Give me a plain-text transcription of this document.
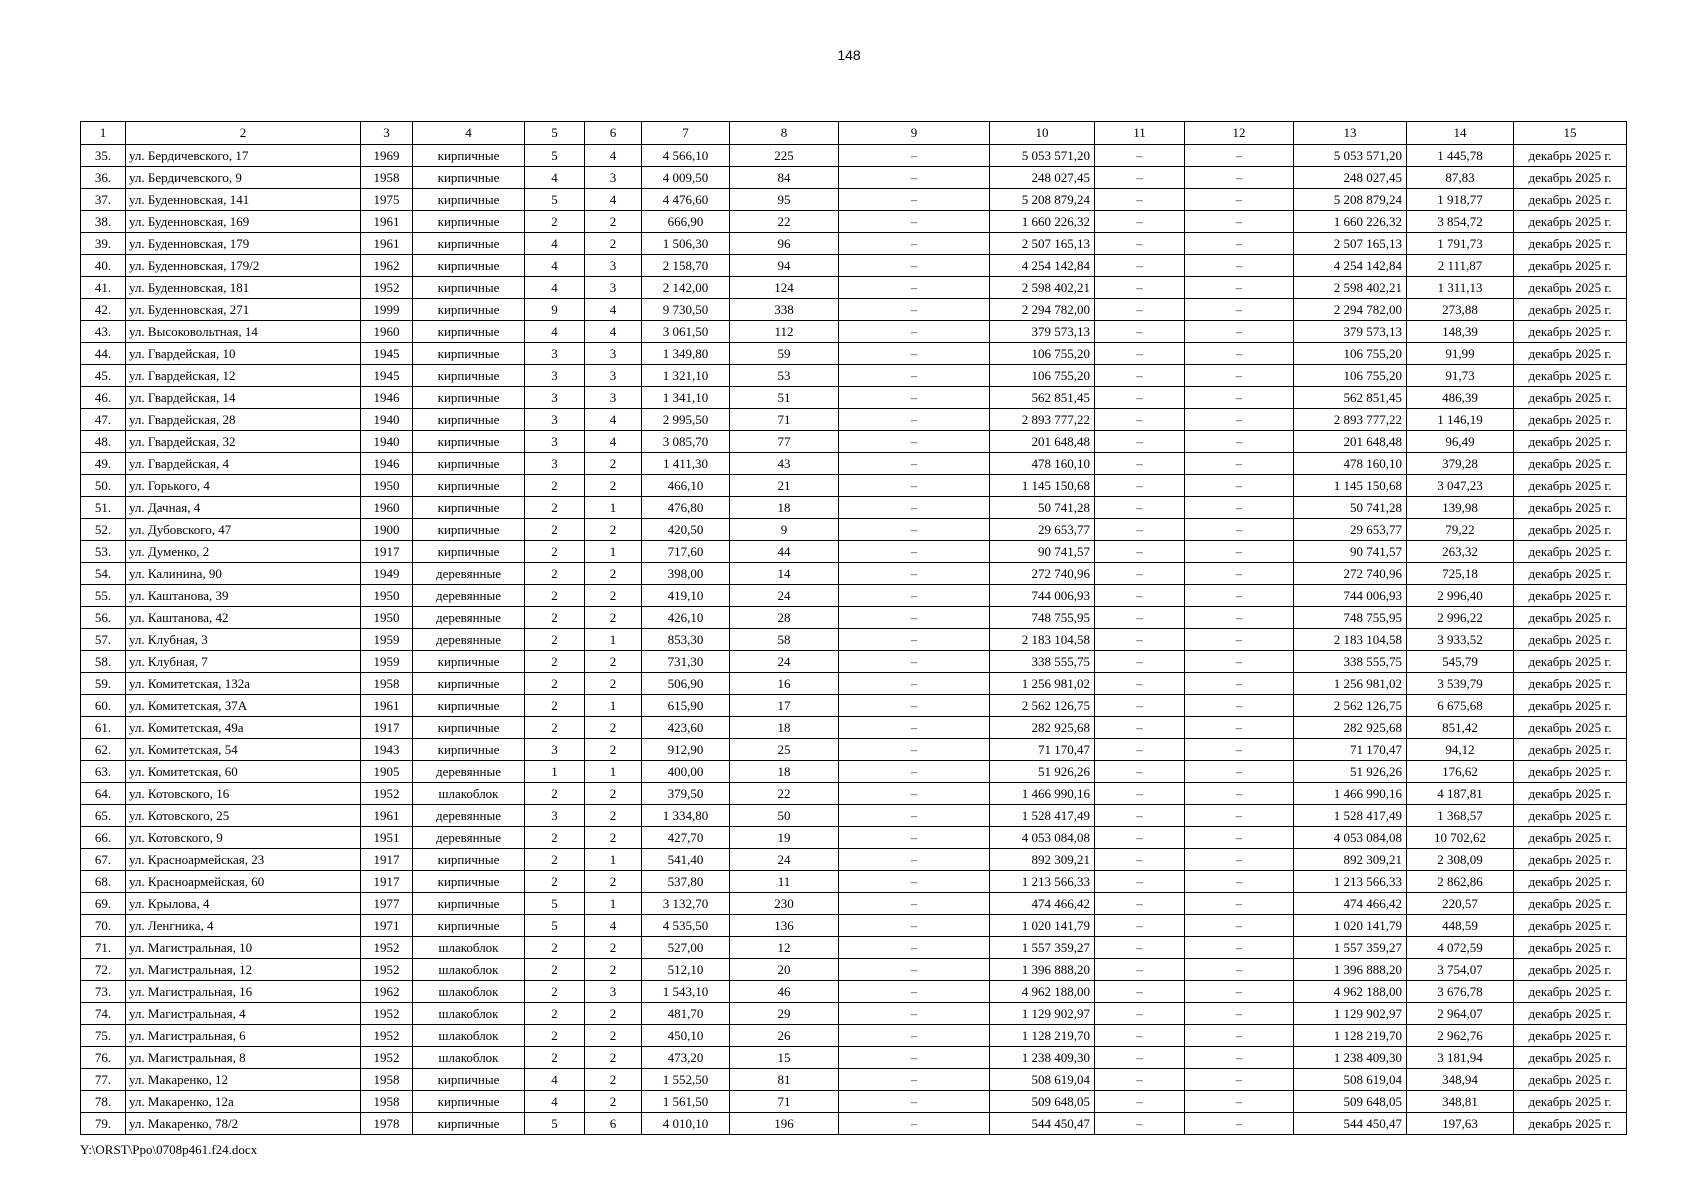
148
1	2	3	4	5	6	7	8	9	10	11	12	13	14	15
35.	ул. Бердичевского, 17	1969	кирпичные	5	4	4 566,10	225	–	5 053 571,20	–	–	5 053 571,20	1 445,78	декабрь 2025 г.
36.	ул. Бердичевского, 9	1958	кирпичные	4	3	4 009,50	84	–	248 027,45	–	–	248 027,45	87,83	декабрь 2025 г.
37.	ул. Буденновская, 141	1975	кирпичные	5	4	4 476,60	95	–	5 208 879,24	–	–	5 208 879,24	1 918,77	декабрь 2025 г.
38.	ул. Буденновская, 169	1961	кирпичные	2	2	666,90	22	–	1 660 226,32	–	–	1 660 226,32	3 854,72	декабрь 2025 г.
39.	ул. Буденновская, 179	1961	кирпичные	4	2	1 506,30	96	–	2 507 165,13	–	–	2 507 165,13	1 791,73	декабрь 2025 г.
40.	ул. Буденновская, 179/2	1962	кирпичные	4	3	2 158,70	94	–	4 254 142,84	–	–	4 254 142,84	2 111,87	декабрь 2025 г.
41.	ул. Буденновская, 181	1952	кирпичные	4	3	2 142,00	124	–	2 598 402,21	–	–	2 598 402,21	1 311,13	декабрь 2025 г.
42.	ул. Буденновская, 271	1999	кирпичные	9	4	9 730,50	338	–	2 294 782,00	–	–	2 294 782,00	273,88	декабрь 2025 г.
43.	ул. Высоковольтная, 14	1960	кирпичные	4	4	3 061,50	112	–	379 573,13	–	–	379 573,13	148,39	декабрь 2025 г.
44.	ул. Гвардейская, 10	1945	кирпичные	3	3	1 349,80	59	–	106 755,20	–	–	106 755,20	91,99	декабрь 2025 г.
45.	ул. Гвардейская, 12	1945	кирпичные	3	3	1 321,10	53	–	106 755,20	–	–	106 755,20	91,73	декабрь 2025 г.
46.	ул. Гвардейская, 14	1946	кирпичные	3	3	1 341,10	51	–	562 851,45	–	–	562 851,45	486,39	декабрь 2025 г.
47.	ул. Гвардейская, 28	1940	кирпичные	3	4	2 995,50	71	–	2 893 777,22	–	–	2 893 777,22	1 146,19	декабрь 2025 г.
48.	ул. Гвардейская, 32	1940	кирпичные	3	4	3 085,70	77	–	201 648,48	–	–	201 648,48	96,49	декабрь 2025 г.
49.	ул. Гвардейская, 4	1946	кирпичные	3	2	1 411,30	43	–	478 160,10	–	–	478 160,10	379,28	декабрь 2025 г.
50.	ул. Горького, 4	1950	кирпичные	2	2	466,10	21	–	1 145 150,68	–	–	1 145 150,68	3 047,23	декабрь 2025 г.
51.	ул. Дачная, 4	1960	кирпичные	2	1	476,80	18	–	50 741,28	–	–	50 741,28	139,98	декабрь 2025 г.
52.	ул. Дубовского, 47	1900	кирпичные	2	2	420,50	9	–	29 653,77	–	–	29 653,77	79,22	декабрь 2025 г.
53.	ул. Думенко, 2	1917	кирпичные	2	1	717,60	44	–	90 741,57	–	–	90 741,57	263,32	декабрь 2025 г.
54.	ул. Калинина, 90	1949	деревянные	2	2	398,00	14	–	272 740,96	–	–	272 740,96	725,18	декабрь 2025 г.
55.	ул. Каштанова, 39	1950	деревянные	2	2	419,10	24	–	744 006,93	–	–	744 006,93	2 996,40	декабрь 2025 г.
56.	ул. Каштанова, 42	1950	деревянные	2	2	426,10	28	–	748 755,95	–	–	748 755,95	2 996,22	декабрь 2025 г.
57.	ул. Клубная, 3	1959	деревянные	2	1	853,30	58	–	2 183 104,58	–	–	2 183 104,58	3 933,52	декабрь 2025 г.
58.	ул. Клубная, 7	1959	кирпичные	2	2	731,30	24	–	338 555,75	–	–	338 555,75	545,79	декабрь 2025 г.
59.	ул. Комитетская, 132а	1958	кирпичные	2	2	506,90	16	–	1 256 981,02	–	–	1 256 981,02	3 539,79	декабрь 2025 г.
60.	ул. Комитетская, 37А	1961	кирпичные	2	1	615,90	17	–	2 562 126,75	–	–	2 562 126,75	6 675,68	декабрь 2025 г.
61.	ул. Комитетская, 49а	1917	кирпичные	2	2	423,60	18	–	282 925,68	–	–	282 925,68	851,42	декабрь 2025 г.
62.	ул. Комитетская, 54	1943	кирпичные	3	2	912,90	25	–	71 170,47	–	–	71 170,47	94,12	декабрь 2025 г.
63.	ул. Комитетская, 60	1905	деревянные	1	1	400,00	18	–	51 926,26	–	–	51 926,26	176,62	декабрь 2025 г.
64.	ул. Котовского, 16	1952	шлакоблок	2	2	379,50	22	–	1 466 990,16	–	–	1 466 990,16	4 187,81	декабрь 2025 г.
65.	ул. Котовского, 25	1961	деревянные	3	2	1 334,80	50	–	1 528 417,49	–	–	1 528 417,49	1 368,57	декабрь 2025 г.
66.	ул. Котовского, 9	1951	деревянные	2	2	427,70	19	–	4 053 084,08	–	–	4 053 084,08	10 702,62	декабрь 2025 г.
67.	ул. Красноармейская, 23	1917	кирпичные	2	1	541,40	24	–	892 309,21	–	–	892 309,21	2 308,09	декабрь 2025 г.
68.	ул. Красноармейская, 60	1917	кирпичные	2	2	537,80	11	–	1 213 566,33	–	–	1 213 566,33	2 862,86	декабрь 2025 г.
69.	ул. Крылова, 4	1977	кирпичные	5	1	3 132,70	230	–	474 466,42	–	–	474 466,42	220,57	декабрь 2025 г.
70.	ул. Ленгника, 4	1971	кирпичные	5	4	4 535,50	136	–	1 020 141,79	–	–	1 020 141,79	448,59	декабрь 2025 г.
71.	ул. Магистральная, 10	1952	шлакоблок	2	2	527,00	12	–	1 557 359,27	–	–	1 557 359,27	4 072,59	декабрь 2025 г.
72.	ул. Магистральная, 12	1952	шлакоблок	2	2	512,10	20	–	1 396 888,20	–	–	1 396 888,20	3 754,07	декабрь 2025 г.
73.	ул. Магистральная, 16	1962	шлакоблок	2	3	1 543,10	46	–	4 962 188,00	–	–	4 962 188,00	3 676,78	декабрь 2025 г.
74.	ул. Магистральная, 4	1952	шлакоблок	2	2	481,70	29	–	1 129 902,97	–	–	1 129 902,97	2 964,07	декабрь 2025 г.
75.	ул. Магистральная, 6	1952	шлакоблок	2	2	450,10	26	–	1 128 219,70	–	–	1 128 219,70	2 962,76	декабрь 2025 г.
76.	ул. Магистральная, 8	1952	шлакоблок	2	2	473,20	15	–	1 238 409,30	–	–	1 238 409,30	3 181,94	декабрь 2025 г.
77.	ул. Макаренко, 12	1958	кирпичные	4	2	1 552,50	81	–	508 619,04	–	–	508 619,04	348,94	декабрь 2025 г.
78.	ул. Макаренко, 12а	1958	кирпичные	4	2	1 561,50	71	–	509 648,05	–	–	509 648,05	348,81	декабрь 2025 г.
79.	ул. Макаренко, 78/2	1978	кирпичные	5	6	4 010,10	196	–	544 450,47	–	–	544 450,47	197,63	декабрь 2025 г.
Y:\ORST\Ppo\0708p461.f24.docx
